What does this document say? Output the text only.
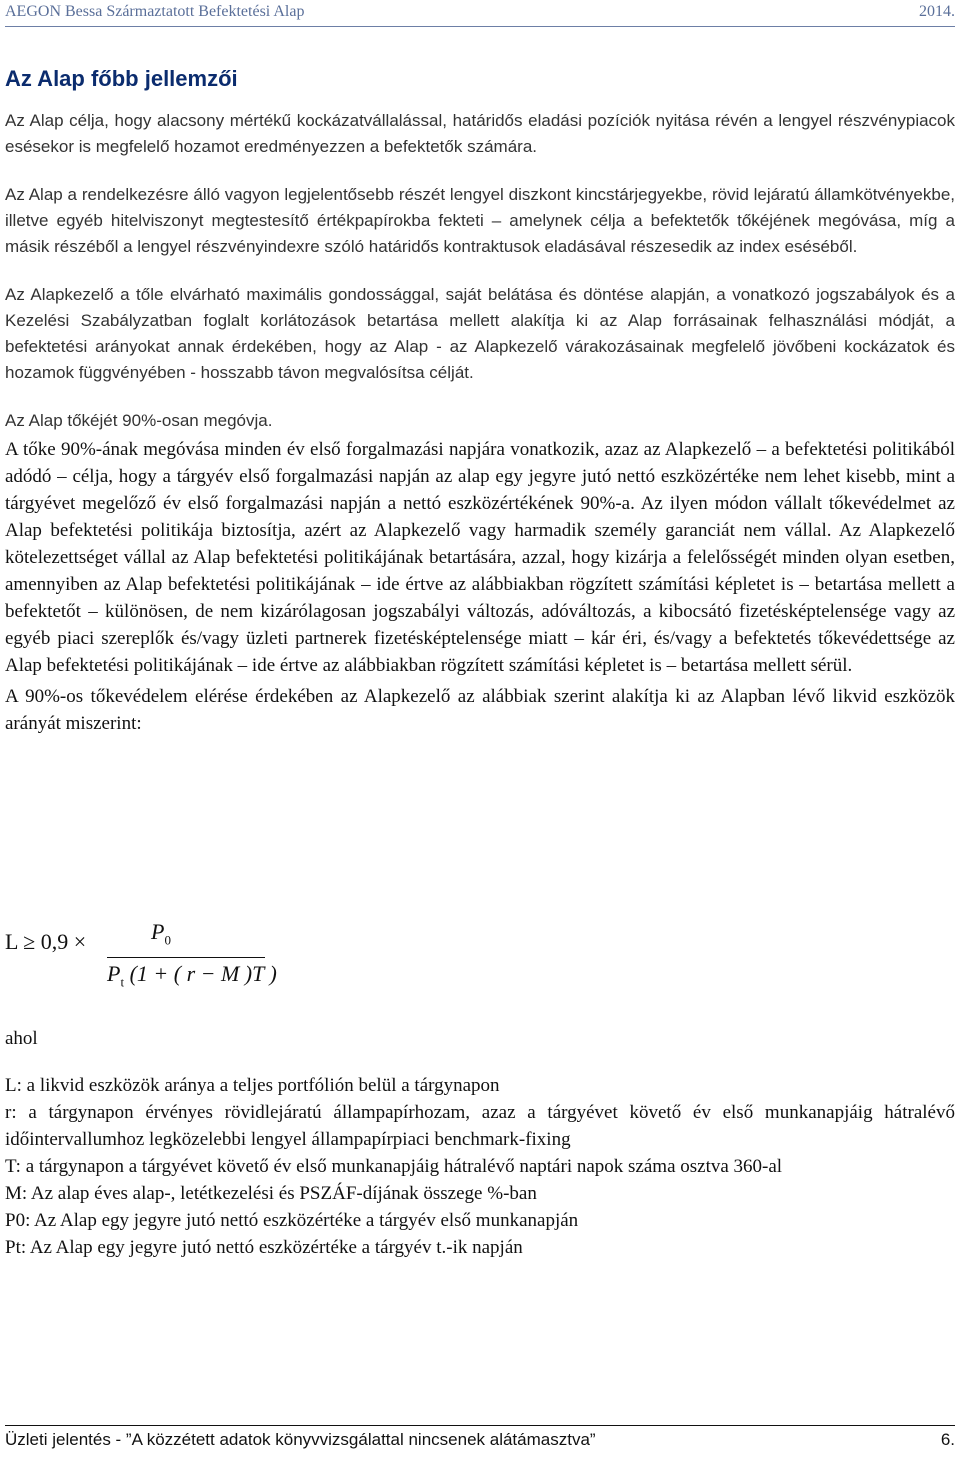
AEGON Bessa Származtatott Befektetési Alap	2014.
Az Alap főbb jellemzői

Az Alap célja, hogy alacsony mértékű kockázatvállalással, határidős eladási pozíciók nyitása révén a lengyel részvénypiacok esésekor is megfelelő hozamot eredményezzen a befektetők számára.

Az Alap a rendelkezésre álló vagyon legjelentősebb részét lengyel diszkont kincstárjegyekbe, rövid lejáratú államkötvényekbe, illetve egyéb hitelviszonyt megtestesítő értékpapírokba fekteti – amelynek célja a befektetők tőkéjének megóvása, míg a másik részéből a lengyel részvényindexre szóló határidős kontraktusok eladásával részesedik az index eséséből.

Az Alapkezelő a tőle elvárható maximális gondossággal, saját belátása és döntése alapján, a vonatkozó jogszabályok és a Kezelési Szabályzatban foglalt korlátozások betartása mellett alakítja ki az Alap forrásainak felhasználási módját, a befektetési arányokat annak érdekében, hogy az Alap - az Alapkezelő várakozásainak megfelelő jövőbeni kockázatok és hozamok függvényében - hosszabb távon megvalósítsa célját.

Az Alap tőkéjét 90%-osan megóvja.

A tőke 90%-ának megóvása minden év első forgalmazási napjára vonatkozik, azaz az Alapkezelő – a befektetési politikából adódó – célja, hogy a tárgyév első forgalmazási napján az alap egy jegyre jutó nettó eszközértéke nem lehet kisebb, mint a tárgyévet megelőző év első forgalmazási napján a nettó eszközértékének 90%-a. Az ilyen módon vállalt tőkevédelmet az Alap befektetési politikája biztosítja, azért az Alapkezelő vagy harmadik személy garanciát nem vállal. Az Alapkezelő kötelezettséget vállal az Alap befektetési politikájának betartására, azzal, hogy kizárja a felelősségét minden olyan esetben, amennyiben az Alap befektetési politikájának – ide értve az alábbiakban rögzített számítási képletet is – betartása mellett a befektetőt – különösen, de nem kizárólagosan jogszabályi változás, adóváltozás, a kibocsátó fizetésképtelensége vagy az egyéb piaci szereplők és/vagy üzleti partnerek fizetésképtelensége miatt – kár éri, és/vagy a befektetés tőkevédettsége az Alap befektetési politikájának – ide értve az alábbiakban rögzített számítási képletet is – betartása mellett sérül.

A 90%-os tőkevédelem elérése érdekében az Alapkezelő az alábbiak szerint alakítja ki az Alapban lévő likvid eszközök arányát miszerint:

L ≥ 0,9 ×	$P_0$
$P_t$ (1 + ( r − M )T )
ahol

L: a likvid eszközök aránya a teljes portfólión belül a tárgynapon

r: a tárgynapon érvényes rövidlejáratú állampapírhozam, azaz a tárgyévet követő év első munkanapjáig hátralévő időintervallumhoz legközelebbi lengyel állampapírpiaci benchmark-fixing

T: a tárgynapon a tárgyévet követő év első munkanapjáig hátralévő naptári napok száma osztva 360-al

M: Az alap éves alap-, letétkezelési és PSZÁF-díjának összege %-ban

P0: Az Alap egy jegyre jutó nettó eszközértéke a tárgyév első munkanapján

Pt: Az Alap egy jegyre jutó nettó eszközértéke a tárgyév t.-ik napján

Üzleti jelentés - ”A közzétett adatok könyvvizsgálattal nincsenek alátámasztva”	6.
